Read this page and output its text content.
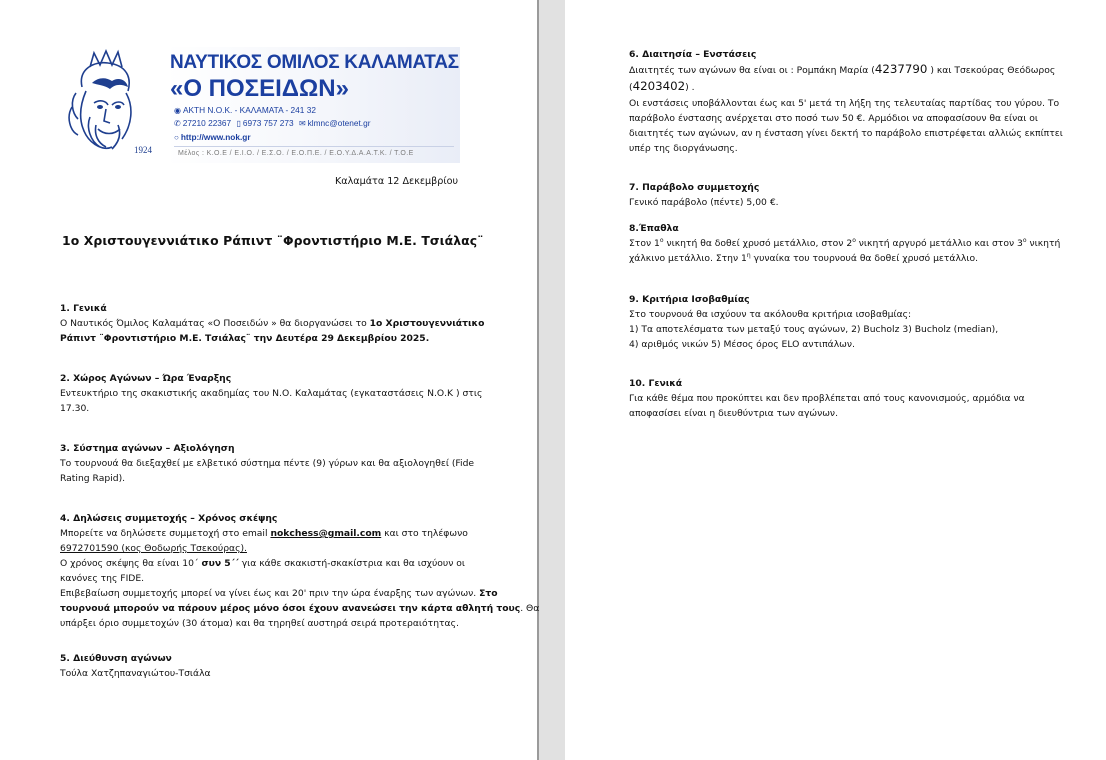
1924
ΝΑΥΤΙΚΟΣ ΟΜΙΛΟΣ ΚΑΛΑΜΑΤΑΣ
«Ο ΠΟΣΕΙΔΩΝ»
◉ ΑΚΤΗ Ν.Ο.Κ. - ΚΑΛΑΜΑΤΑ - 241 32
✆ 27210 22367 ▯ 6973 757 273 ✉ klmnc@otenet.gr
○ http://www.nok.gr
Μέλος : Κ.Ο.Ε / Ε.Ι.Ο. / Ε.Σ.Ο. / Ε.Ο.Π.Ε. / Ε.Ο.Υ.Δ.Α.Α.Τ.Κ. / Τ.Ο.Ε
Καλαμάτα 12 Δεκεμβρίου
1ο Χριστουγεννιάτικο Ράπιντ ¨Φροντιστήριο Μ.Ε. Τσιάλας¨
1. Γενικά
Ο Ναυτικός Όμιλος Καλαμάτας «Ο Ποσειδών » θα διοργανώσει το 1ο Χριστουγεννιάτικο
Ράπιντ ¨Φροντιστήριο Μ.Ε. Τσιάλας¨ την Δευτέρα 29 Δεκεμβρίου 2025.
2. Χώρος Αγώνων – Ώρα Έναρξης
Εντευκτήριο της σκακιστικής ακαδημίας του Ν.Ο. Καλαμάτας (εγκαταστάσεις Ν.Ο.Κ ) στις
17.30.
3. Σύστημα αγώνων – Αξιολόγηση
Το τουρνουά θα διεξαχθεί με ελβετικό σύστημα πέντε (9) γύρων και θα αξιολογηθεί (Fide
Rating Rapid).
4. Δηλώσεις συμμετοχής – Χρόνος σκέψης
Μπορείτε να δηλώσετε συμμετοχή στο email nokchess@gmail.com και στο τηλέφωνο
6972701590 (κος Θοδωρής Τσεκούρας).
Ο χρόνος σκέψης θα είναι 10΄ συν 5΄΄ για κάθε σκακιστή-σκακίστρια και θα ισχύουν οι
κανόνες της FIDE.
Επιβεβαίωση συμμετοχής μπορεί να γίνει έως και 20' πριν την ώρα έναρξης των αγώνων. Στο
τουρνουά μπορούν να πάρουν μέρος μόνο όσοι έχουν ανανεώσει την κάρτα αθλητή τους. Θα
υπάρξει όριο συμμετοχών (30 άτομα) και θα τηρηθεί αυστηρά σειρά προτεραιότητας.
5. Διεύθυνση αγώνων
Τούλα Χατζηπαναγιώτου-Τσιάλα
6. Διαιτησία – Ενστάσεις
Διαιτητές των αγώνων θα είναι οι : Ρομπάκη Μαρία (4237790 ) και Τσεκούρας Θεόδωρος
(4203402) .
Οι ενστάσεις υποβάλλονται έως και 5' μετά τη λήξη της τελευταίας παρτίδας του γύρου. Το
παράβολο ένστασης ανέρχεται στο ποσό των 50 €. Αρμόδιοι να αποφασίσουν θα είναι οι
διαιτητές των αγώνων, αν η ένσταση γίνει δεκτή το παράβολο επιστρέφεται αλλιώς εκπίπτει
υπέρ της διοργάνωσης.
7. Παράβολο συμμετοχής
Γενικό παράβολο (πέντε) 5,00 €.
8.Έπαθλα
Στον $1^o$ νικητή θα δοθεί χρυσό μετάλλιο, στον $2^o$ νικητή αργυρό μετάλλιο και στον $3^o$ νικητή
χάλκινο μετάλλιο. Στην $1^\eta$ γυναίκα του τουρνουά θα δοθεί χρυσό μετάλλιο.
9. Κριτήρια Ισοβαθμίας
Στο τουρνουά θα ισχύουν τα ακόλουθα κριτήρια ισοβαθμίας:
1) Τα αποτελέσματα των μεταξύ τους αγώνων, 2) Bucholz 3) Bucholz (median),
4) αριθμός νικών 5) Μέσος όρος ELO αντιπάλων.
10. Γενικά
Για κάθε θέμα που προκύπτει και δεν προβλέπεται από τους κανονισμούς, αρμόδια να
αποφασίσει είναι η διευθύντρια των αγώνων.
